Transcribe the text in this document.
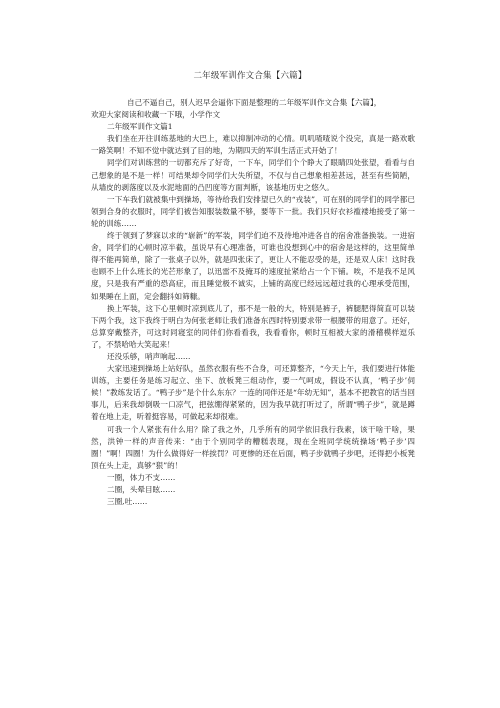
二年级军训作文合集【六篇】

自己不逼自己，别人迟早会逼你下面是整理的二年级军训作文合集【六篇】，

欢迎大家阅读和收藏一下哦，小学作文

二年级军训作文篇1

我们坐在开往训练基地的大巴上，难以抑制冲动的心情。叽叽喳喳说个没完，真是一路欢歌一路笑啊！不知不觉中就达到了目的地，为期四天的军训生活正式开始了！

同学们对训练营的一切都充斥了好奇，一下车，同学们个个睁大了眼睛四处张望，看看与自己想象的是不是一样！可结果却令同学们大失所望，不仅与自己想象相差甚远，甚至有些简陋，从墙皮的剥落度以及水泥地面的凸凹度等方面判断，该基地历史之悠久。

一下车我们就被集中到操场，等待给我们安排望已久的“戎装”，可在别的同学们的同学都已领到合身的衣服时，同学们被告知服装数量不够，要等下一批。我们只好衣衫褴褛地接受了第一轮的训练……

终于领到了梦寐以求的“崭新”的军装，同学们迫不及待地冲进各自的宿舍准备换装。一进宿舍，同学们的心顿时凉半截，虽说早有心理准备，可谁也没想到心中的宿舍是这样的，这里简单得不能再简单，除了一张桌子以外，就是四张床了，更让人不能忍受的是，还是双人床！这时我也顾不上什么班长的光芒形象了，以迅雷不及掩耳的速度扯紧给占一个下铺。唉，不是我不足风度，只是我有严重的恐高症，而且睡觉极不诚实，上铺的高度已经远远超过我的心理承受范围，如果睡在上面，定会翻抖如筛糠。

换上军装，这下心里顿时凉到底儿了，那不是一般的大，特别是裤子，裤腿肥得简直可以装下两个我，这下我终于明白为何张老师让我们准备东西时特别要求带一根腰带的用意了。还好，总算穿戴整齐，可这时同寝室的同伴们你看看我，我看看你，顿时互相被大家的滑稽模样逗乐了，不禁哈哈大笑起来！

还没乐够，哨声响起……

大家迅速到操场上站好队，虽然衣服有些不合身，可还算整齐，“今天上午，我们要进行体能训练，主要任务是练习起立、坐下、放板凳三组动作，要一气呵成，假设不认真，‘鸭子步’伺候！”教练发话了。“鸭子步”是个什么东东？一连的同伴还是“年幼无知”，基本不把教官的话当回事儿，后来我却倒吸一口凉气，把弦绷得紧紧的，因为我早就打听过了，所谓“鸭子步”，就是蹲着在地上走，听着挺容易，可做起来却很难。

可我一个人紧张有什么用？除了我之外，几乎所有的同学依旧我行我素，该干啥干啥，果然，洪钟一样的声音传来：“由于个别同学的糟糕表现，现在全班同学统统操场‘鸭子步’四圈！”啊！四圈！为什么做得好一样挨罚？可更惨的还在后面，鸭子步就鸭子步吧，还得把小板凳顶在头上走，真够“狠”的！

一圈，体力不支……

二圈，头晕目眩……

三圈,吐……
